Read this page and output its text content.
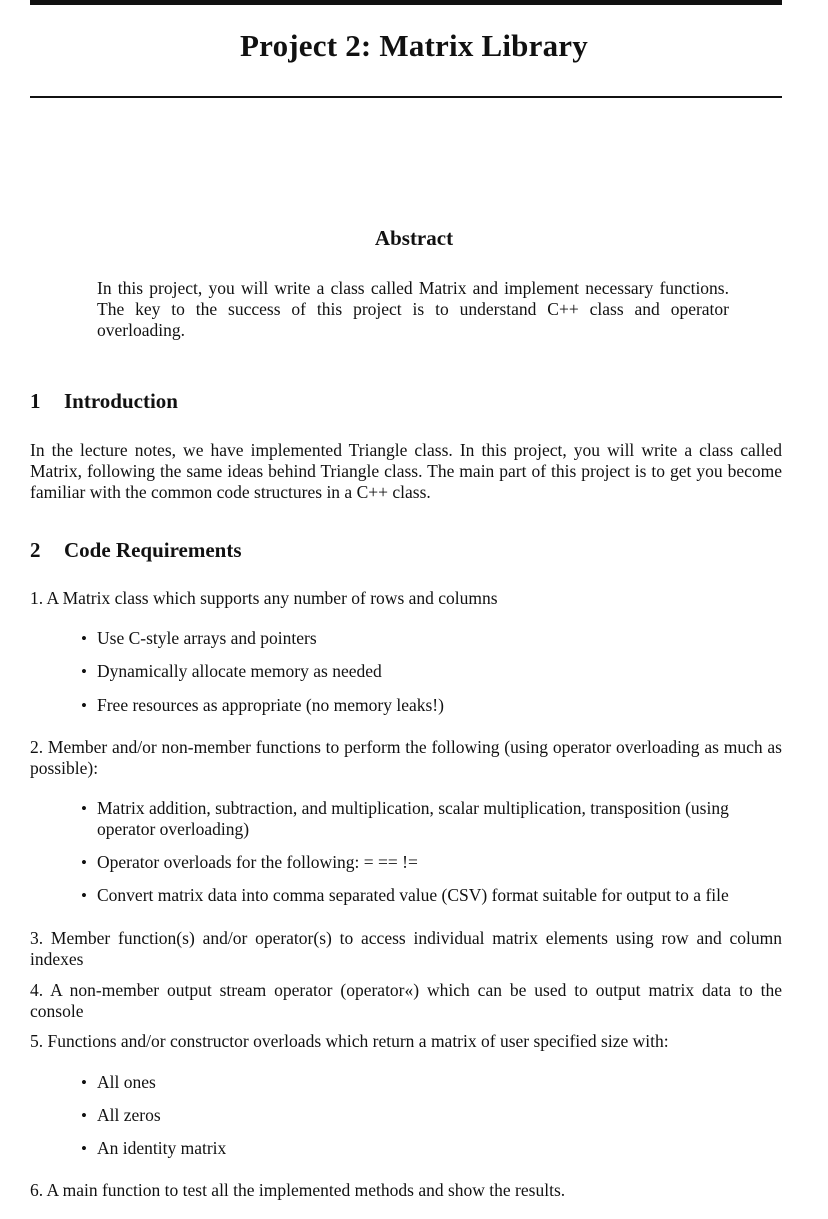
Project 2: Matrix Library
Abstract

In this project, you will write a class called Matrix and implement necessary functions. The key to the success of this project is to understand C++ class and operator overloading.

1 Introduction

In the lecture notes, we have implemented Triangle class. In this project, you will write a class called Matrix, following the same ideas behind Triangle class. The main part of this project is to get you become familiar with the common code structures in a C++ class.

2 Code Requirements

1. A Matrix class which supports any number of rows and columns

• Use C-style arrays and pointers

• Dynamically allocate memory as needed

• Free resources as appropriate (no memory leaks!)

2. Member and/or non-member functions to perform the following (using operator overloading as much as possible):

• Matrix addition, subtraction, and multiplication, scalar multiplication, transposition (using operator overloading)

• Operator overloads for the following: = == !=

• Convert matrix data into comma separated value (CSV) format suitable for output to a file

3. Member function(s) and/or operator(s) to access individual matrix elements using row and column indexes

4. A non-member output stream operator (operator«) which can be used to output matrix data to the console

5. Functions and/or constructor overloads which return a matrix of user specified size with:

• All ones

• All zeros

• An identity matrix

6. A main function to test all the implemented methods and show the results.
